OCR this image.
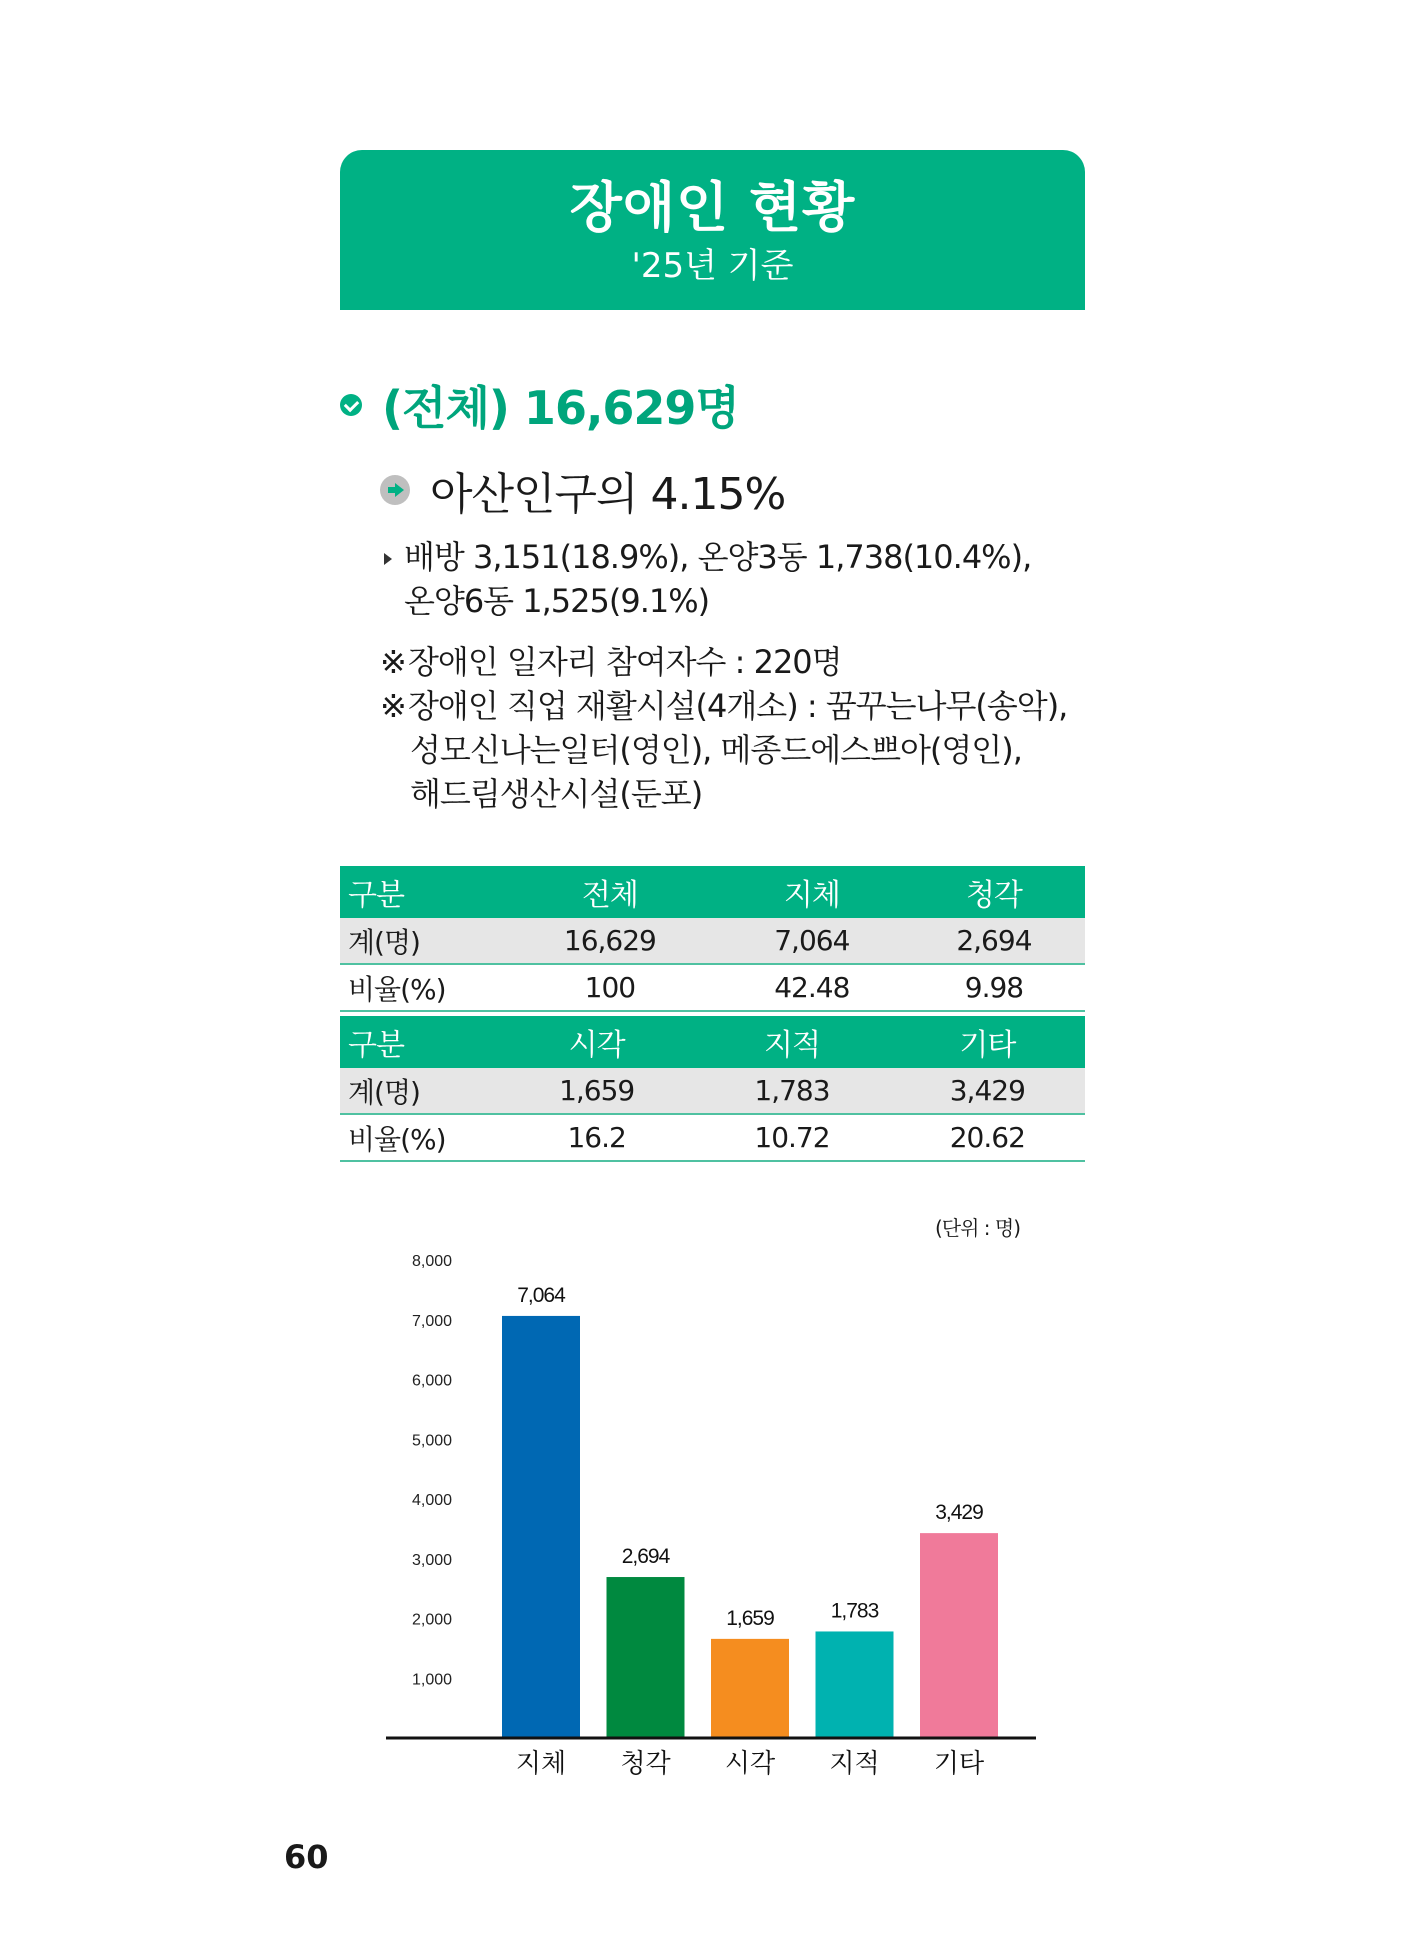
장애인 현황
'25년 기준
(전체) 16,629명
아산인구의 4.15%
배방 3,151(18.9%), 온양3동 1,738(10.4%),
온양6동 1,525(9.1%)
※장애인 일자리 참여자수 : 220명
※장애인 직업 재활시설(4개소) : 꿈꾸는나무(송악),
성모신나는일터(영인), 메종드에스쁘아(영인),
해드림생산시설(둔포)
구분	전체	지체	청각
계(명)	16,629	7,064	2,694
비율(%)	100	42.48	9.98
구분	시각	지적	기타
계(명)	1,659	1,783	3,429
비율(%)	16.2	10.72	20.62
(단위 : 명)
1,000
2,000
3,000
4,000
5,000
6,000
7,000
8,000
7,064
지체
2,694
청각
1,659
시각
1,783
지적
3,429
기타
60
